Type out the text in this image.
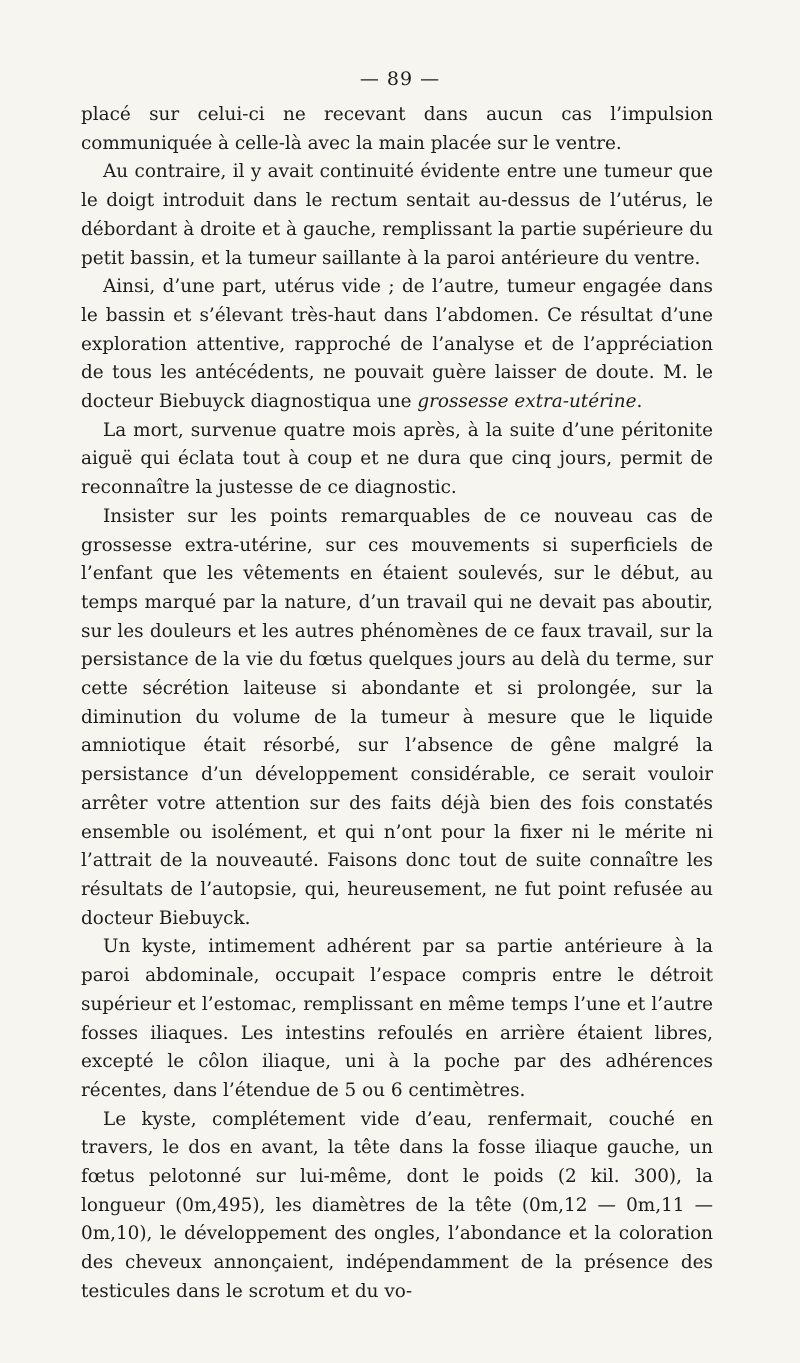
— 89 —

placé sur celui-ci ne recevant dans aucun cas l’impulsion communiquée à celle-là avec la main placée sur le ventre.

Au contraire, il y avait continuité évidente entre une tumeur que le doigt introduit dans le rectum sentait au-dessus de l’utérus, le débordant à droite et à gauche, remplissant la partie supérieure du petit bassin, et la tumeur saillante à la paroi antérieure du ventre.

Ainsi, d’une part, utérus vide ; de l’autre, tumeur engagée dans le bassin et s’élevant très-haut dans l’abdomen. Ce résultat d’une exploration attentive, rapproché de l’analyse et de l’appréciation de tous les antécédents, ne pouvait guère laisser de doute. M. le docteur Biebuyck diagnostiqua une grossesse extra-utérine.

La mort, survenue quatre mois après, à la suite d’une péritonite aiguë qui éclata tout à coup et ne dura que cinq jours, permit de reconnaître la justesse de ce diagnostic.

Insister sur les points remarquables de ce nouveau cas de grossesse extra-utérine, sur ces mouvements si superficiels de l’enfant que les vêtements en étaient soulevés, sur le début, au temps marqué par la nature, d’un travail qui ne devait pas aboutir, sur les douleurs et les autres phénomènes de ce faux travail, sur la persistance de la vie du fœtus quelques jours au delà du terme, sur cette sécrétion laiteuse si abondante et si prolongée, sur la diminution du volume de la tumeur à mesure que le liquide amniotique était résorbé, sur l’absence de gêne malgré la persistance d’un développement considérable, ce serait vouloir arrêter votre attention sur des faits déjà bien des fois constatés ensemble ou isolément, et qui n’ont pour la fixer ni le mérite ni l’attrait de la nouveauté. Faisons donc tout de suite connaître les résultats de l’autopsie, qui, heureusement, ne fut point refusée au docteur Biebuyck.

Un kyste, intimement adhérent par sa partie antérieure à la paroi abdominale, occupait l’espace compris entre le détroit supérieur et l’estomac, remplissant en même temps l’une et l’autre fosses iliaques. Les intestins refoulés en arrière étaient libres, excepté le côlon iliaque, uni à la poche par des adhérences récentes, dans l’étendue de 5 ou 6 centimètres.

Le kyste, complétement vide d’eau, renfermait, couché en travers, le dos en avant, la tête dans la fosse iliaque gauche, un fœtus pelotonné sur lui-même, dont le poids (2 kil. 300), la longueur (0m,495), les diamètres de la tête (0m,12 — 0m,11 — 0m,10), le développement des ongles, l’abondance et la coloration des cheveux annonçaient, indépendamment de la présence des testicules dans le scrotum et du vo-
